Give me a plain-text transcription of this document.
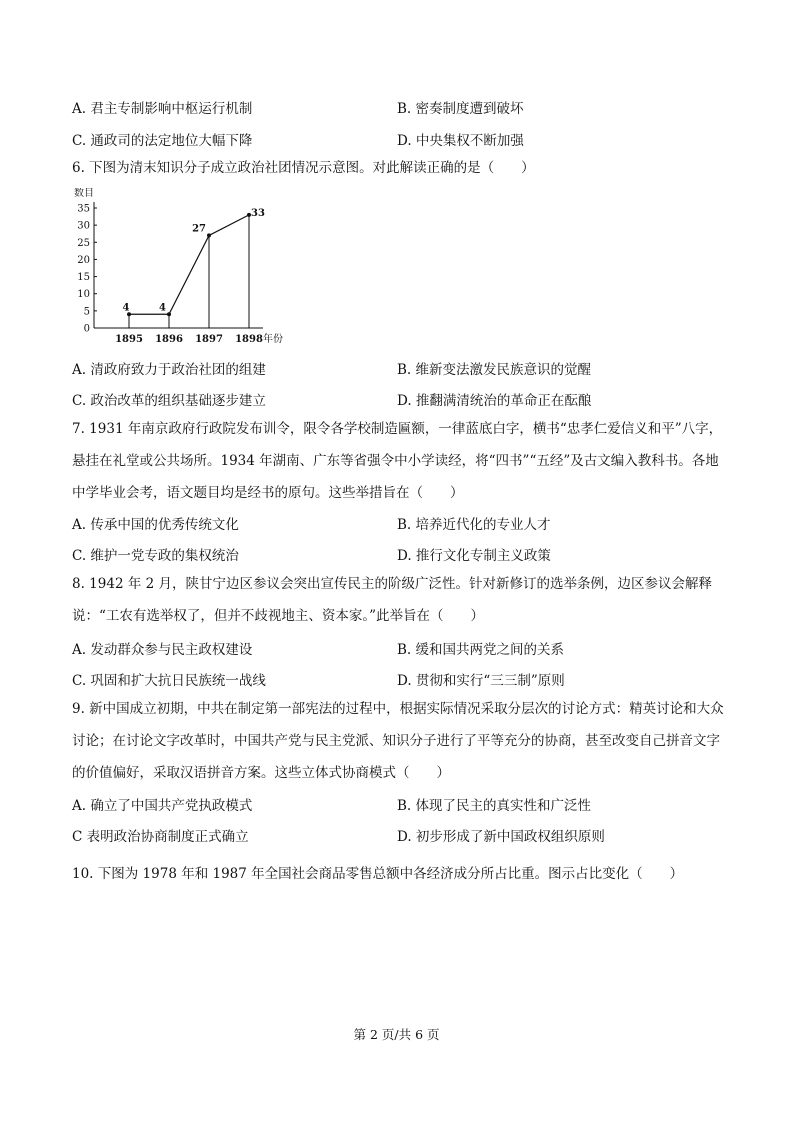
A. 君主专制影响中枢运行机制	B. 密奏制度遭到破坏
C. 通政司的法定地位大幅下降	D. 中央集权不断加强
6. 下图为清末知识分子成立政治社团情况示意图。对此解读正确的是（　　）
数目
0
5
10
15
20
25
30
35
1895 1896 1897 1898 年份
4	4
27
33
A. 清政府致力于政治社团的组建	B. 维新变法激发民族意识的觉醒
C. 政治改革的组织基础逐步建立	D. 推翻满清统治的革命正在酝酿
7. 1931 年南京政府行政院发布训令，限令各学校制造匾额，一律蓝底白字，横书“忠孝仁爱信义和平”八字，悬挂在礼堂或公共场所。1934 年湖南、广东等省强令中小学读经，将“四书”“五经”及古文编入教科书。各地中学毕业会考，语文题目均是经书的原句。这些举措旨在（　　）
A. 传承中国的优秀传统文化	B. 培养近代化的专业人才
C. 维护一党专政的集权统治	D. 推行文化专制主义政策
8. 1942 年 2 月，陕甘宁边区参议会突出宣传民主的阶级广泛性。针对新修订的选举条例，边区参议会解释说：“工农有选举权了，但并不歧视地主、资本家。”此举旨在（　　）
A. 发动群众参与民主政权建设	B. 缓和国共两党之间的关系
C. 巩固和扩大抗日民族统一战线	D. 贯彻和实行“三三制”原则
9. 新中国成立初期，中共在制定第一部宪法的过程中，根据实际情况采取分层次的讨论方式：精英讨论和大众讨论；在讨论文字改革时，中国共产党与民主党派、知识分子进行了平等充分的协商，甚至改变自己拼音文字的价值偏好，采取汉语拼音方案。这些立体式协商模式（　　）
A. 确立了中国共产党执政模式	B. 体现了民主的真实性和广泛性
C 表明政治协商制度正式确立	D. 初步形成了新中国政权组织原则
10. 下图为 1978 年和 1987 年全国社会商品零售总额中各经济成分所占比重。图示占比变化（　　）
第 2 页/共 6 页
